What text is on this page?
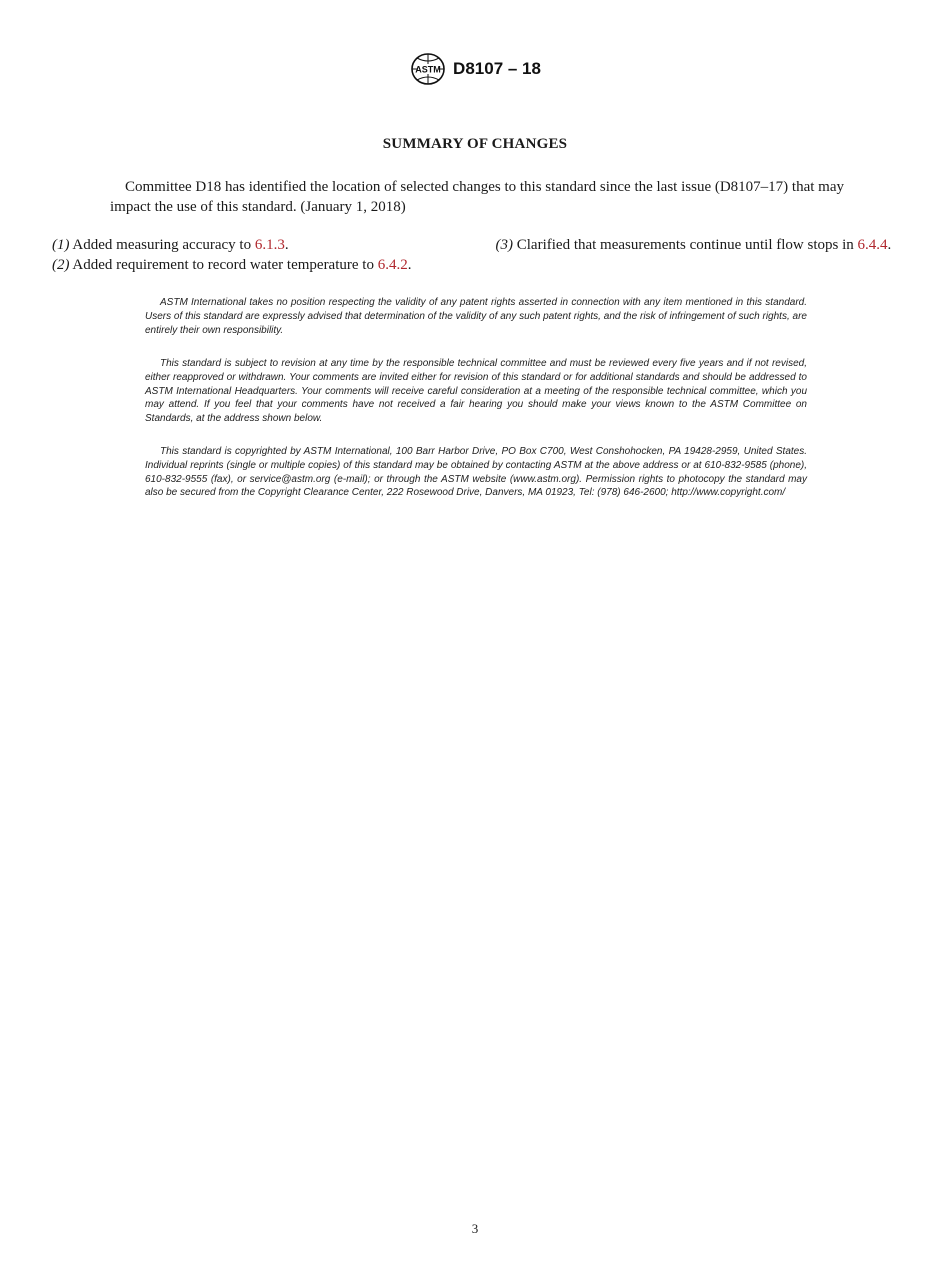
ASTM D8107 – 18
SUMMARY OF CHANGES

Committee D18 has identified the location of selected changes to this standard since the last issue (D8107–17) that may impact the use of this standard. (January 1, 2018)

(1) Added measuring accuracy to 6.1.3.

(2) Added requirement to record water temperature to 6.4.2.

(3) Clarified that measurements continue until flow stops in 6.4.4.

ASTM International takes no position respecting the validity of any patent rights asserted in connection with any item mentioned in this standard. Users of this standard are expressly advised that determination of the validity of any such patent rights, and the risk of infringement of such rights, are entirely their own responsibility.

This standard is subject to revision at any time by the responsible technical committee and must be reviewed every five years and if not revised, either reapproved or withdrawn. Your comments are invited either for revision of this standard or for additional standards and should be addressed to ASTM International Headquarters. Your comments will receive careful consideration at a meeting of the responsible technical committee, which you may attend. If you feel that your comments have not received a fair hearing you should make your views known to the ASTM Committee on Standards, at the address shown below.

This standard is copyrighted by ASTM International, 100 Barr Harbor Drive, PO Box C700, West Conshohocken, PA 19428-2959, United States. Individual reprints (single or multiple copies) of this standard may be obtained by contacting ASTM at the above address or at 610-832-9585 (phone), 610-832-9555 (fax), or service@astm.org (e-mail); or through the ASTM website (www.astm.org). Permission rights to photocopy the standard may also be secured from the Copyright Clearance Center, 222 Rosewood Drive, Danvers, MA 01923, Tel: (978) 646-2600; http://www.copyright.com/

3
